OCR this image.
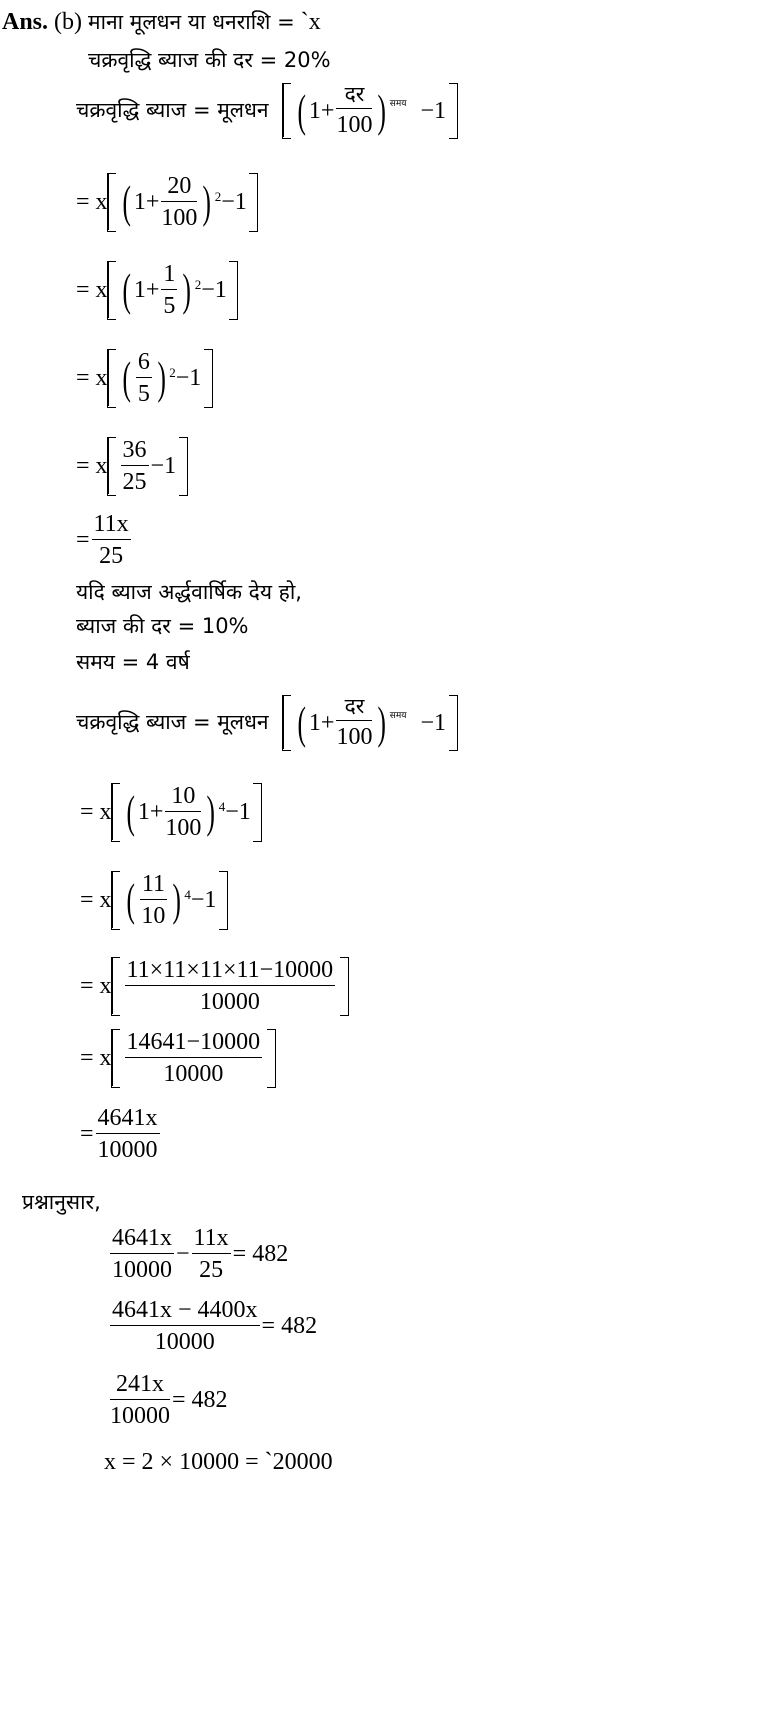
Ans. (b) माना मूलधन या धनराशि = `x
चक्रवृद्धि ब्याज की दर = 20%
चक्रवृद्धि ब्याज = मूलधन ( $1 + \frac{\text{दर}}{100}$ ) समय −1
= x ( $1 + \frac{20}{100}$ ) 2 −1
= x ( $1 + \frac{1}{5}$ ) 2 −1
= x ( $\frac{6}{5}$ ) 2 −1
= x $\frac{36}{25} -1$
= $\frac{11x}{25}$
यदि ब्याज अर्द्धवार्षिक देय हो,
ब्याज की दर = 10%
समय = 4 वर्ष
चक्रवृद्धि ब्याज = मूलधन ( $1 + \frac{\text{दर}}{100}$ ) समय −1
= x ( $1 + \frac{10}{100}$ ) 4 −1
= x ( $\frac{11}{10}$ ) 4 −1
= x $\frac{11\times 11\times 11\times 11-10000}{10000}$
= x $\frac{14641-10000}{10000}$
= $\frac{4641x}{10000}$
प्रश्नानुसार,
$\frac{4641x}{10000} - \frac{11x}{25} = 482$
$\frac{4641x - 4400x}{10000} = 482$
$\frac{241x}{10000} = 482$
x = 2 × 10000 = `20000
